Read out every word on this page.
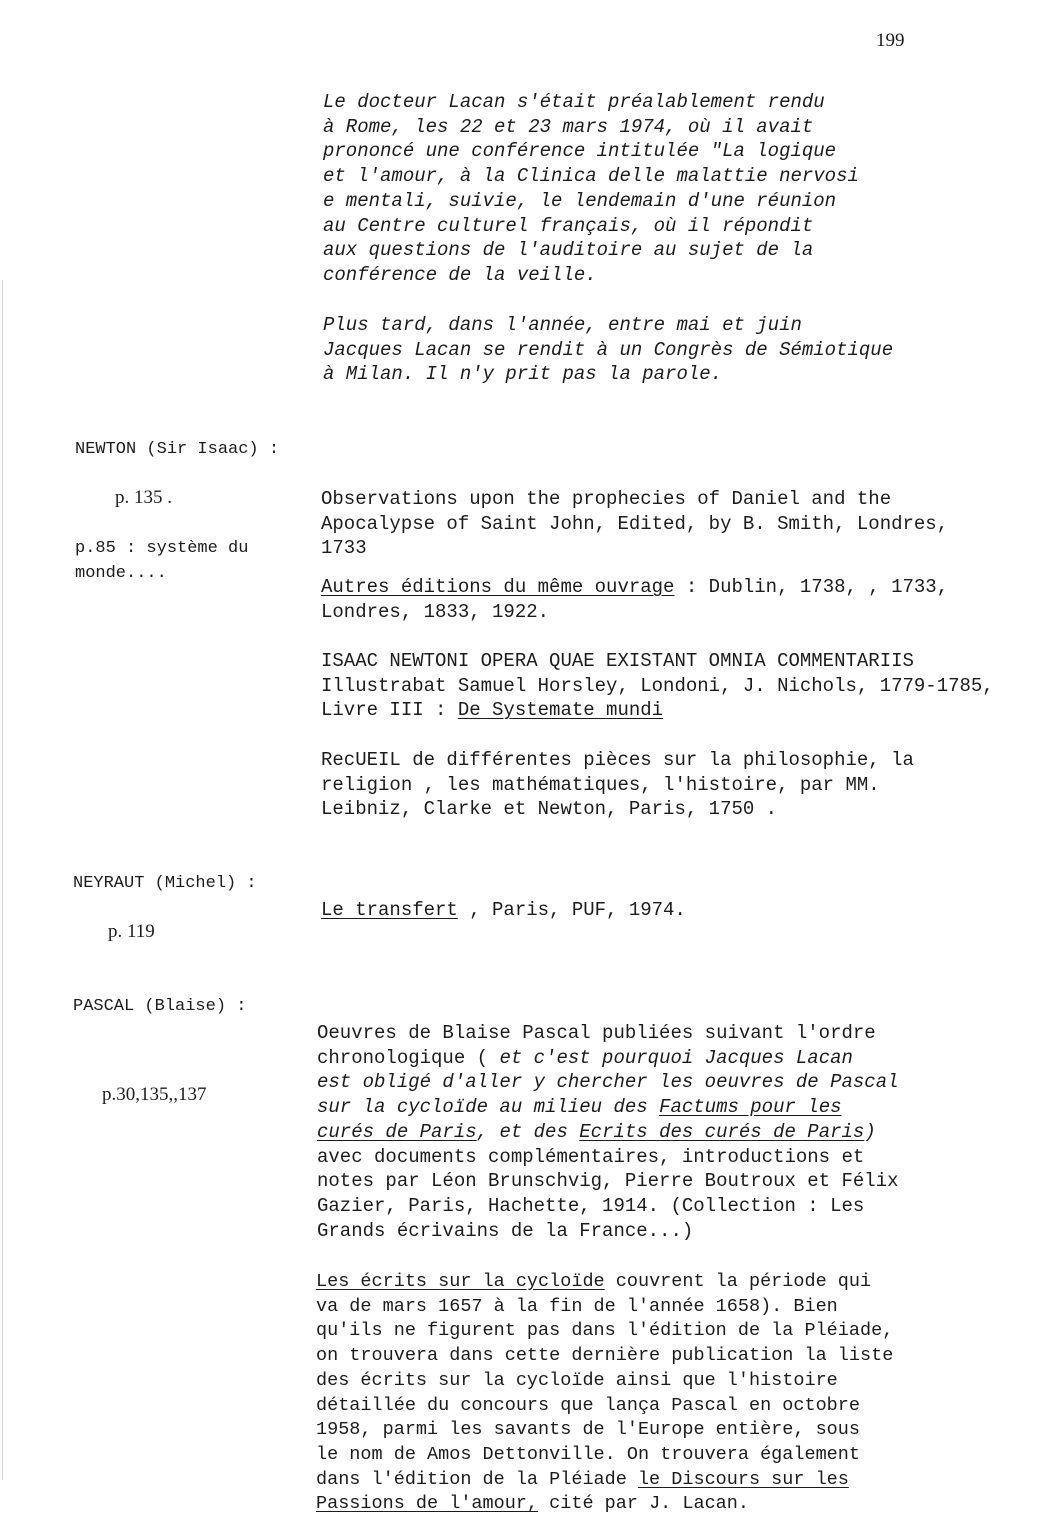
199
Le docteur Lacan s'était préalablement rendu
à Rome, les 22 et 23 mars 1974, où il avait
prononcé une conférence intitulée "La logique
et l'amour, à la Clinica delle malattie nervosi
e mentali, suivie, le lendemain d'une réunion
au Centre culturel français, où il répondit
aux questions de l'auditoire au sujet de la
conférence de la veille.
Plus tard, dans l'année, entre mai et juin
Jacques Lacan se rendit à un Congrès de Sémiotique
à Milan. Il n'y prit pas la parole.
NEWTON (Sir Isaac) :
p. 135 .
p.85 : système du
monde....
Observations upon the prophecies of Daniel and the
Apocalypse of Saint John, Edited, by B. Smith, Londres,
1733
Autres éditions du même ouvrage : Dublin, 1738, , 1733,
Londres, 1833, 1922.
ISAAC NEWTONI OPERA QUAE EXISTANT OMNIA COMMENTARIIS
Illustrabat Samuel Horsley, Londoni, J. Nichols, 1779-1785,
Livre III : De Systemate mundi
RecUEIL de différentes pièces sur la philosophie, la
religion , les mathématiques, l'histoire, par MM.
Leibniz, Clarke et Newton, Paris, 1750 .
NEYRAUT (Michel) :
Le transfert , Paris, PUF, 1974.
p. 119
PASCAL (Blaise) :
p.30,135,,137
Oeuvres de Blaise Pascal publiées suivant l'ordre
chronologique ( et c'est pourquoi Jacques Lacan
est obligé d'aller y chercher les oeuvres de Pascal
sur la cycloïde au milieu des Factums pour les
curés de Paris, et des Ecrits des curés de Paris)
avec documents complémentaires, introductions et
notes par Léon Brunschvig, Pierre Boutroux et Félix
Gazier, Paris, Hachette, 1914. (Collection : Les
Grands écrivains de la France...)
Les écrits sur la cycloïde couvrent la période qui
va de mars 1657 à la fin de l'année 1658). Bien
qu'ils ne figurent pas dans l'édition de la Pléiade,
on trouvera dans cette dernière publication la liste
des écrits sur la cycloïde ainsi que l'histoire
détaillée du concours que lança Pascal en octobre
1958, parmi les savants de l'Europe entière, sous
le nom de Amos Dettonville. On trouvera également
dans l'édition de la Pléiade le Discours sur les
Passions de l'amour, cité par J. Lacan.
